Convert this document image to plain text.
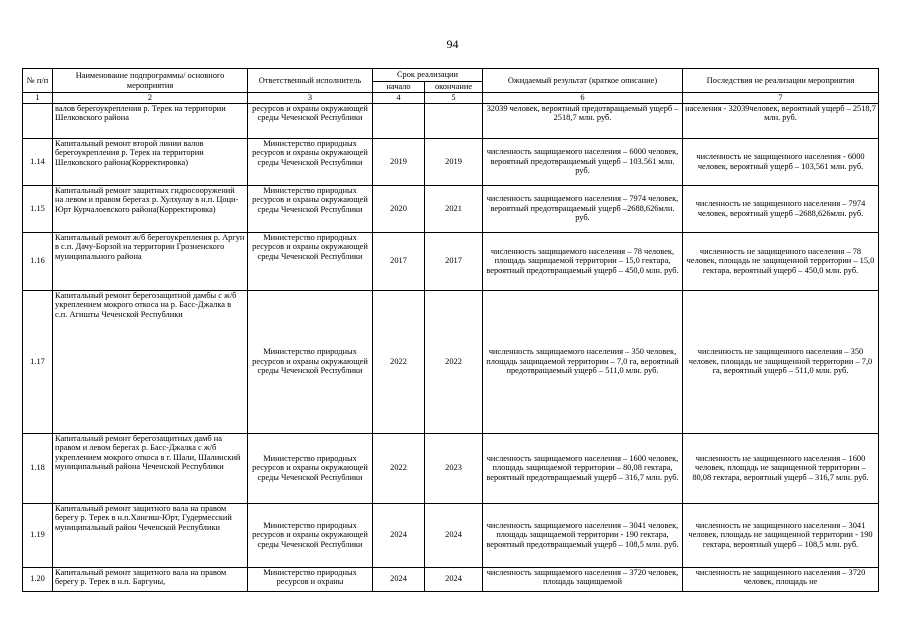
94
№ п/п	Наименование подпрограммы/ основного мероприятия	Ответственный исполнитель	Срок реализации		Ожидаемый результат (краткое описание)	Последствия не реализации мероприятия
			начало	окончание		
1	2	3	4	5	6	7
	валов берегоукрепления р. Терек на территории Шелковского района	ресурсов и охраны окружающей среды Чеченской Республики			32039 человек, вероятный предотвращаемый ущерб – 2518,7 млн. руб.	населения - 32039человек, вероятный ущерб – 2518,7 млн. руб.
1.14	Капитальный ремонт второй линии валов берегоукрепления р. Терек на территории Шелковского района(Корректировка)	Министерство природных ресурсов и охраны окружающей среды Чеченской Республики	2019	2019	численность защищаемого населения – 6000 человек, вероятный предотвращаемый ущерб – 103.561 млн. руб.	численность не защищенного населения - 6000 человек, вероятный ущерб – 103,561 млн. руб.
1.15	Капитальный ремонт защитных гидросооружений на левом и правом берегах р. Хулхулау в н.п. Цоци-Юрт Курчалоевского района(Корректировка)	Министерство природных ресурсов и охраны окружающей среды Чеченской Республики	2020	2021	численность защищаемого населения – 7974 человек, вероятный предотвращаемый ущерб –2688,626млн. руб.	численность не защищенного населения – 7974 человек, вероятный ущерб –2688,626млн. руб.
1.16	Капитальный ремонт ж/б берегоукрепления р. Аргун в с.п. Дачу-Борзой на территории Грозненского муниципального района	Министерство природных ресурсов и охраны окружающей среды Чеченской Республики	2017	2017	численность защищаемого населения – 78 человек, площадь защищаемой территории – 15,0 гектара, вероятный предотвращаемый ущерб – 450,0 млн. руб.	численность не защищенного населения – 78 человек, площадь не защищенной территории – 15,0 гектара, вероятный ущерб – 450,0 млн. руб.
1.17	Капитальный ремонт берегозащитной дамбы с ж/б укреплением мокрого откоса на р. Басс-Джалка в с.п. Агишты Чеченской Республики	Министерство природных ресурсов и охраны окружающей среды Чеченской Республики	2022	2022	численность защищаемого населения – 350 человек, площадь защищаемой территории – 7,0 га, вероятный предотвращаемый ущерб – 511,0 млн. руб.	численность не защищенного населения – 350 человек, площадь не защищенной территории – 7,0 га, вероятный ущерб – 511,0 млн. руб.
1.18	Капитальный ремонт берегозащитных дамб на правом и левом берегах р. Басс-Джалка с ж/б укреплением мокрого откоса в г. Шали, Шалинский муниципальный района Чеченской Республики	Министерство природных ресурсов и охраны окружающей среды Чеченской Республики	2022	2023	численность защищаемого населения – 1600 человек, площадь защищаемой территории – 80,08 гектара, вероятный предотвращаемый ущерб – 316,7 млн. руб.	численность не защищенного населения – 1600 человек, площадь не защищенной территории – 80,08 гектара, вероятный ущерб – 316,7 млн. руб.
1.19	Капитальный ремонт защитного вала на правом берегу р. Терек в н.п.Хангиш-Юрт, Гудермесский муниципальный район Чеченской Республики	Министерство природных ресурсов и охраны окружающей среды Чеченской Республики	2024	2024	численность защищаемого населения – 3041 человек, площадь защищаемой территории - 190 гектара, вероятный предотвращаемый ущерб – 108,5 млн. руб.	численность не защищенного населения – 3041 человек, площадь не защищенной территории - 190 гектара, вероятный ущерб – 108,5 млн. руб.
1.20	Капитальный ремонт защитного вала на правом берегу р. Терек в н.п. Баргуны,	Министерство природных ресурсов и охраны	2024	2024	численность защищаемого населения – 3720 человек, площадь защищаемой	численность не защищенного населения – 3720 человек, площадь не
